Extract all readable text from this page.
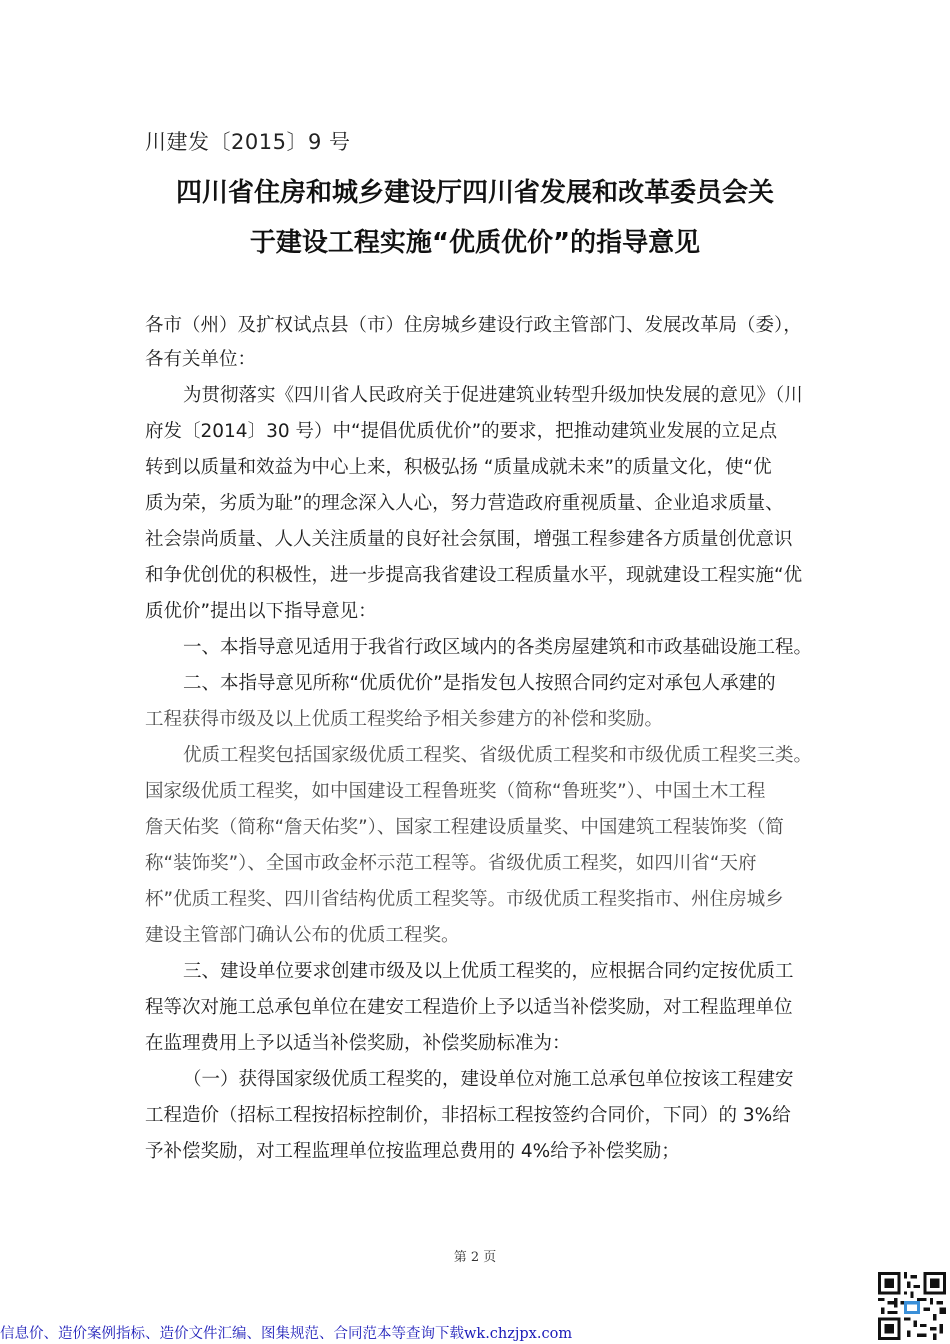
川建发〔2015〕9 号
四川省住房和城乡建设厅四川省发展和改革委员会关
于建设工程实施“优质优价”的指导意见
各市（州）及扩权试点县（市）住房城乡建设行政主管部门、发展改革局（委），
各有关单位：
为贯彻落实《四川省人民政府关于促进建筑业转型升级加快发展的意见》（川
府发〔2014〕30 号）中“提倡优质优价”的要求，把推动建筑业发展的立足点
转到以质量和效益为中心上来，积极弘扬 “质量成就未来”的质量文化，使“优
质为荣，劣质为耻”的理念深入人心，努力营造政府重视质量、企业追求质量、
社会崇尚质量、人人关注质量的良好社会氛围，增强工程参建各方质量创优意识
和争优创优的积极性，进一步提高我省建设工程质量水平，现就建设工程实施“优
质优价”提出以下指导意见：
一、本指导意见适用于我省行政区域内的各类房屋建筑和市政基础设施工程。
二、本指导意见所称“优质优价”是指发包人按照合同约定对承包人承建的
工程获得市级及以上优质工程奖给予相关参建方的补偿和奖励。
优质工程奖包括国家级优质工程奖、省级优质工程奖和市级优质工程奖三类。
国家级优质工程奖，如中国建设工程鲁班奖（简称“鲁班奖”）、中国土木工程
詹天佑奖（简称“詹天佑奖”）、国家工程建设质量奖、中国建筑工程装饰奖（简
称“装饰奖”）、全国市政金杯示范工程等。省级优质工程奖，如四川省“天府
杯”优质工程奖、四川省结构优质工程奖等。市级优质工程奖指市、州住房城乡
建设主管部门确认公布的优质工程奖。
三、建设单位要求创建市级及以上优质工程奖的，应根据合同约定按优质工
程等次对施工总承包单位在建安工程造价上予以适当补偿奖励，对工程监理单位
在监理费用上予以适当补偿奖励，补偿奖励标准为：
（一）获得国家级优质工程奖的，建设单位对施工总承包单位按该工程建安
工程造价（招标工程按招标控制价，非招标工程按签约合同价，下同）的 3%给
予补偿奖励，对工程监理单位按监理总费用的 4%给予补偿奖励；
第 2 页
信息价、造价案例指标、造价文件汇编、图集规范、合同范本等查询下载wk.chzjpx.com
